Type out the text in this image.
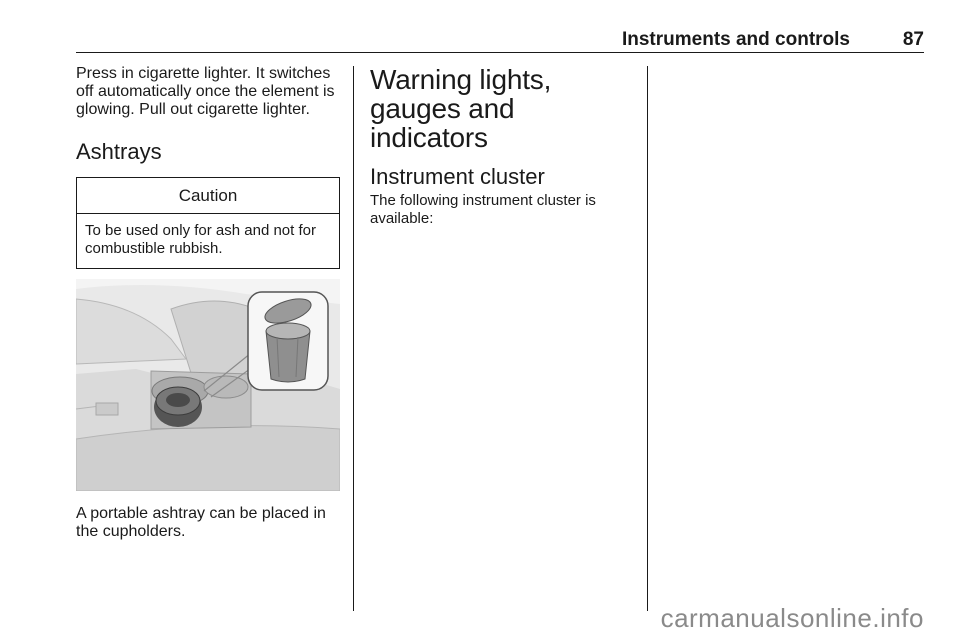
Instruments and controls	87

Press in cigarette lighter. It switches off automatically once the element is glowing. Pull out cigarette lighter.

Ashtrays
Caution
To be used only for ash and not for combustible rubbish.

A portable ashtray can be placed in the cupholders.

Warning lights, gauges and indicators
Instrument cluster

The following instrument cluster is available:

carmanualsonline.info
